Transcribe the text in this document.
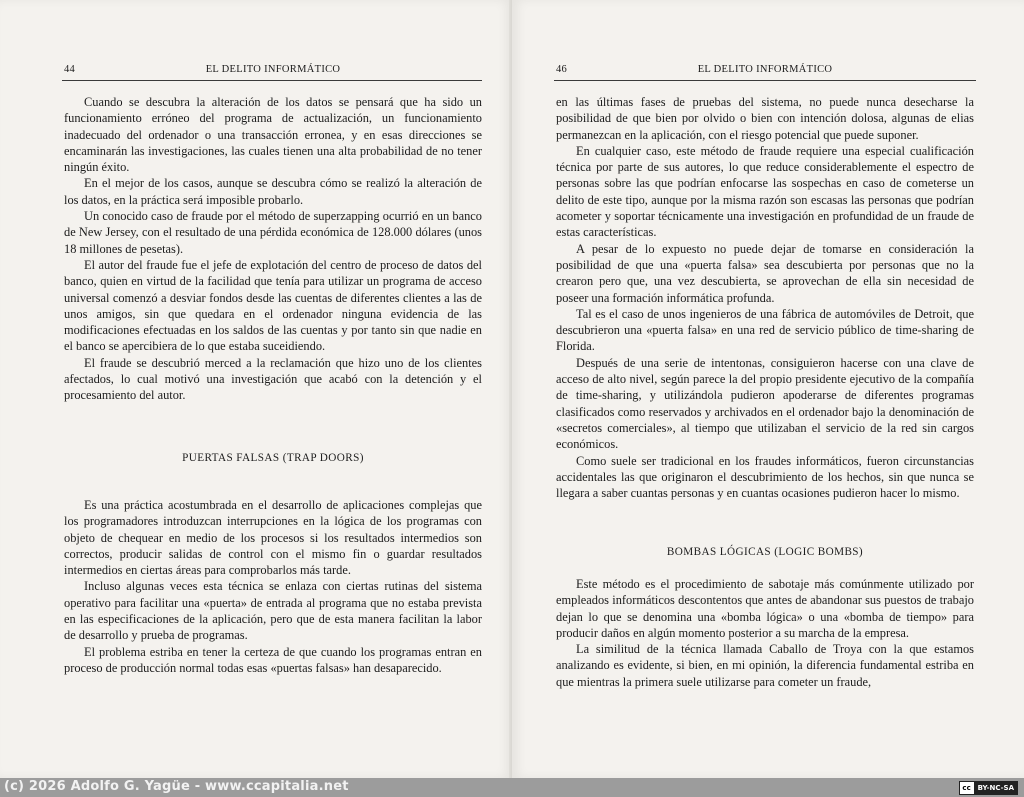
44	EL DELITO INFORMÁTICO

Cuando se descubra la alteración de los datos se pensará que ha sido un funcionamiento erróneo del programa de actualización, un funcionamiento inadecuado del ordenador o una transacción erronea, y en esas direcciones se encaminarán las investigaciones, las cuales tienen una alta probabilidad de no tener ningún éxito.

En el mejor de los casos, aunque se descubra cómo se realizó la alteración de los datos, en la práctica será imposible probarlo.

Un conocido caso de fraude por el método de superzapping ocurrió en un banco de New Jersey, con el resultado de una pérdida económica de 128.000 dólares (unos 18 millones de pesetas).

El autor del fraude fue el jefe de explotación del centro de proceso de datos del banco, quien en virtud de la facilidad que tenía para utilizar un programa de acceso universal comenzó a desviar fondos desde las cuentas de diferentes clientes a las de unos amigos, sin que quedara en el ordenador ninguna evidencia de las modificaciones efectuadas en los saldos de las cuentas y por tanto sin que nadie en el banco se apercibiera de lo que estaba suceidiendo.

El fraude se descubrió merced a la reclamación que hizo uno de los clientes afectados, lo cual motivó una investigación que acabó con la detención y el procesamiento del autor.

PUERTAS FALSAS (TRAP DOORS)

Es una práctica acostumbrada en el desarrollo de aplicaciones complejas que los programadores introduzcan interrupciones en la lógica de los programas con objeto de chequear en medio de los procesos si los resultados intermedios son correctos, producir salidas de control con el mismo fin o guardar resultados intermedios en ciertas áreas para comprobarlos más tarde.

Incluso algunas veces esta técnica se enlaza con ciertas rutinas del sistema operativo para facilitar una «puerta» de entrada al programa que no estaba prevista en las especificaciones de la aplicación, pero que de esta manera facilitan la labor de desarrollo y prueba de programas.

El problema estriba en tener la certeza de que cuando los programas entran en proceso de producción normal todas esas «puertas falsas» han desaparecido.

46	EL DELITO INFORMÁTICO

en las últimas fases de pruebas del sistema, no puede nunca desecharse la posibilidad de que bien por olvido o bien con intención dolosa, algunas de elias permanezcan en la aplicación, con el riesgo potencial que puede suponer.

En cualquier caso, este método de fraude requiere una especial cualificación técnica por parte de sus autores, lo que reduce considerablemente el espectro de personas sobre las que podrían enfocarse las sospechas en caso de cometerse un delito de este tipo, aunque por la misma razón son escasas las personas que podrían acometer y soportar técnicamente una investigación en profundidad de un fraude de estas características.

A pesar de lo expuesto no puede dejar de tomarse en consideración la posibilidad de que una «puerta falsa» sea descubierta por personas que no la crearon pero que, una vez descubierta, se aprovechan de ella sin necesidad de poseer una formación informática profunda.

Tal es el caso de unos ingenieros de una fábrica de automóviles de Detroit, que descubrieron una «puerta falsa» en una red de servicio público de time-sharing de Florida.

Después de una serie de intentonas, consiguieron hacerse con una clave de acceso de alto nivel, según parece la del propio presidente ejecutivo de la compañía de time-sharing, y utilizándola pudieron apoderarse de diferentes programas clasificados como reservados y archivados en el ordenador bajo la denominación de «secretos comerciales», al tiempo que utilizaban el servicio de la red sin cargos económicos.

Como suele ser tradicional en los fraudes informáticos, fueron circunstancias accidentales las que originaron el descubrimiento de los hechos, sin que nunca se llegara a saber cuantas personas y en cuantas ocasiones pudieron hacer lo mismo.

BOMBAS LÓGICAS (LOGIC BOMBS)

Este método es el procedimiento de sabotaje más comúnmente utilizado por empleados informáticos descontentos que antes de abandonar sus puestos de trabajo dejan lo que se denomina una «bomba lógica» o una «bomba de tiempo» para producir daños en algún momento posterior a su marcha de la empresa.

La similitud de la técnica llamada Caballo de Troya con la que estamos analizando es evidente, si bien, en mi opinión, la diferencia fundamental estriba en que mientras la primera suele utilizarse para cometer un fraude,

(c) 2026 Adolfo G. Yagüe - www.ccapitalia.net	cc BY-NC-SA
